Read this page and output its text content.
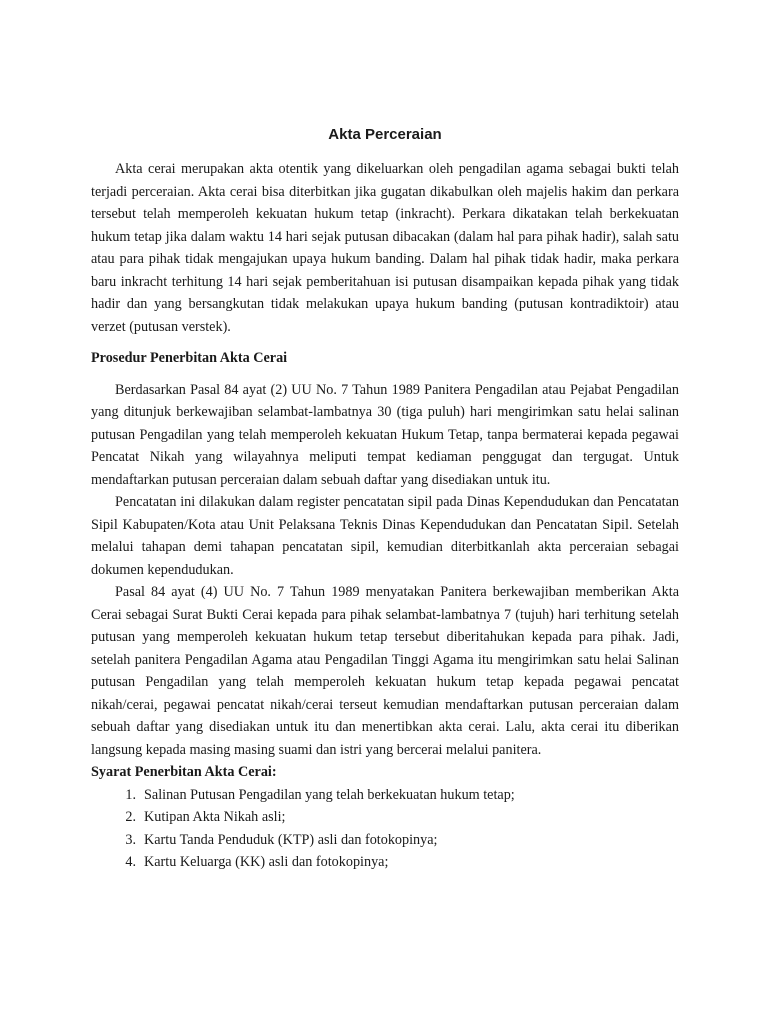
Akta Perceraian

Akta cerai merupakan akta otentik yang dikeluarkan oleh pengadilan agama sebagai bukti telah terjadi perceraian. Akta cerai bisa diterbitkan jika gugatan dikabulkan oleh majelis hakim dan perkara tersebut telah memperoleh kekuatan hukum tetap (inkracht). Perkara dikatakan telah berkekuatan hukum tetap jika dalam waktu 14 hari sejak putusan dibacakan (dalam hal para pihak hadir), salah satu atau para pihak tidak mengajukan upaya hukum banding. Dalam hal pihak tidak hadir, maka perkara baru inkracht terhitung 14 hari sejak pemberitahuan isi putusan disampaikan kepada pihak yang tidak hadir dan yang bersangkutan tidak melakukan upaya hukum banding (putusan kontradiktoir) atau verzet (putusan verstek).

Prosedur Penerbitan Akta Cerai

Berdasarkan Pasal 84 ayat (2) UU No. 7 Tahun 1989 Panitera Pengadilan atau Pejabat Pengadilan yang ditunjuk berkewajiban selambat-lambatnya 30 (tiga puluh) hari mengirimkan satu helai salinan putusan Pengadilan yang telah memperoleh kekuatan Hukum Tetap, tanpa bermaterai kepada pegawai Pencatat Nikah yang wilayahnya meliputi tempat kediaman penggugat dan tergugat. Untuk mendaftarkan putusan perceraian dalam sebuah daftar yang disediakan untuk itu.

Pencatatan ini dilakukan dalam register pencatatan sipil pada Dinas Kependudukan dan Pencatatan Sipil Kabupaten/Kota atau Unit Pelaksana Teknis Dinas Kependudukan dan Pencatatan Sipil. Setelah melalui tahapan demi tahapan pencatatan sipil, kemudian diterbitkanlah akta perceraian sebagai dokumen kependudukan.

Pasal 84 ayat (4) UU No. 7 Tahun 1989 menyatakan Panitera berkewajiban memberikan Akta Cerai sebagai Surat Bukti Cerai kepada para pihak selambat-lambatnya 7 (tujuh) hari terhitung setelah putusan yang memperoleh kekuatan hukum tetap tersebut diberitahukan kepada para pihak. Jadi, setelah panitera Pengadilan Agama atau Pengadilan Tinggi Agama itu mengirimkan satu helai Salinan putusan Pengadilan yang telah memperoleh kekuatan hukum tetap kepada pegawai pencatat nikah/cerai, pegawai pencatat nikah/cerai terseut kemudian mendaftarkan putusan perceraian dalam sebuah daftar yang disediakan untuk itu dan menertibkan akta cerai. Lalu, akta cerai itu diberikan langsung kepada masing masing suami dan istri yang bercerai melalui panitera.

Syarat Penerbitan Akta Cerai:
1. Salinan Putusan Pengadilan yang telah berkekuatan hukum tetap;
2. Kutipan Akta Nikah asli;
3. Kartu Tanda Penduduk (KTP) asli dan fotokopinya;
4. Kartu Keluarga (KK) asli dan fotokopinya;
